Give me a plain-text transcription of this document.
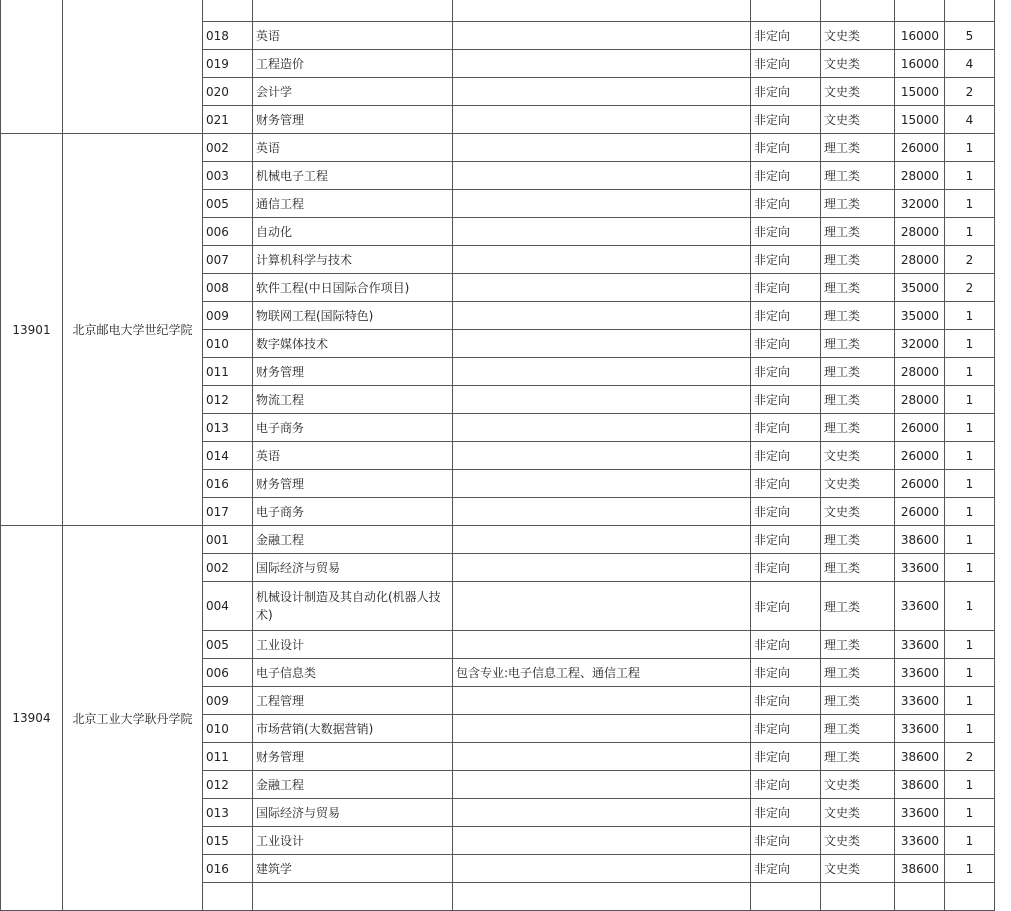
		018	英语		非定向	文史类	16000	5
		019	工程造价		非定向	文史类	16000	4
		020	会计学		非定向	文史类	15000	2
		021	财务管理		非定向	文史类	15000	4
13901	北京邮电大学世纪学院	002	英语		非定向	理工类	26000	1
		003	机械电子工程		非定向	理工类	28000	1
		005	通信工程		非定向	理工类	32000	1
		006	自动化		非定向	理工类	28000	1
		007	计算机科学与技术		非定向	理工类	28000	2
		008	软件工程(中日国际合作项目)		非定向	理工类	35000	2
		009	物联网工程(国际特色)		非定向	理工类	35000	1
		010	数字媒体技术		非定向	理工类	32000	1
		011	财务管理		非定向	理工类	28000	1
		012	物流工程		非定向	理工类	28000	1
		013	电子商务		非定向	理工类	26000	1
		014	英语		非定向	文史类	26000	1
		016	财务管理		非定向	文史类	26000	1
		017	电子商务		非定向	文史类	26000	1
13904	北京工业大学耿丹学院	001	金融工程		非定向	理工类	38600	1
		002	国际经济与贸易		非定向	理工类	33600	1
		004	机械设计制造及其自动化(机器人技术)		非定向	理工类	33600	1
		005	工业设计		非定向	理工类	33600	1
		006	电子信息类	包含专业:电子信息工程、通信工程	非定向	理工类	33600	1
		009	工程管理		非定向	理工类	33600	1
		010	市场营销(大数据营销)		非定向	理工类	33600	1
		011	财务管理		非定向	理工类	38600	2
		012	金融工程		非定向	文史类	38600	1
		013	国际经济与贸易		非定向	文史类	33600	1
		015	工业设计		非定向	文史类	33600	1
		016	建筑学		非定向	文史类	38600	1
